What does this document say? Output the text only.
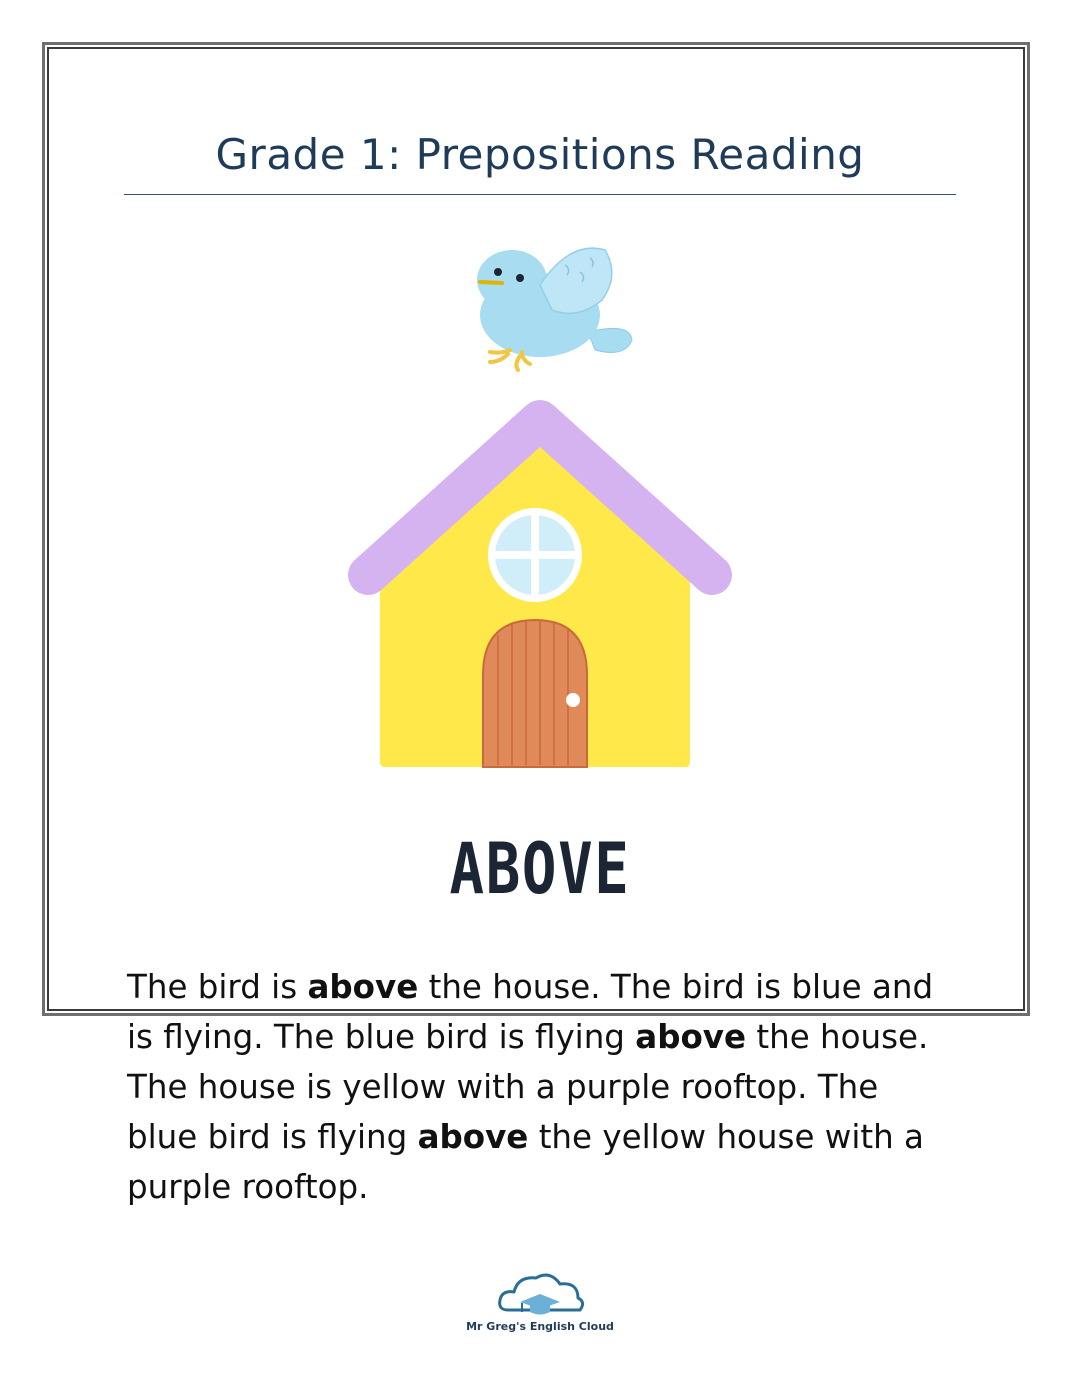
Grade 1: Prepositions Reading
ABOVE

The bird is above the house. The bird is blue and
is flying. The blue bird is flying above the house.
The house is yellow with a purple rooftop. The
blue bird is flying above the yellow house with a
purple rooftop.

Mr Greg's English Cloud
